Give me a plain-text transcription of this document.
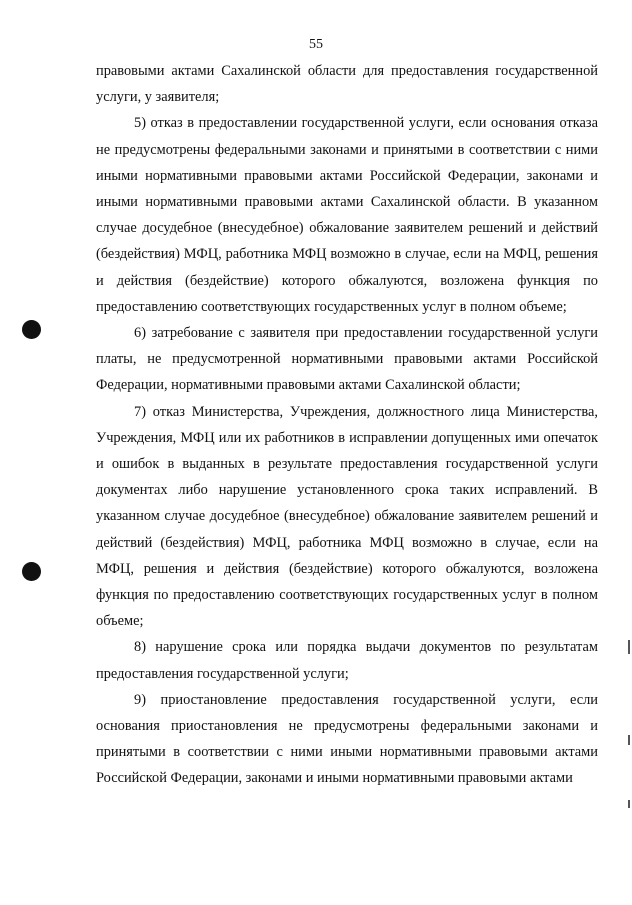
55

правовыми актами Сахалинской области для предоставления государственной услуги, у заявителя;

5) отказ в предоставлении государственной услуги, если основания отказа не предусмотрены федеральными законами и принятыми в соответствии с ними иными нормативными правовыми актами Российской Федерации, законами и иными нормативными правовыми актами Сахалинской области. В указанном случае досудебное (внесудебное) обжалование заявителем решений и действий (бездействия) МФЦ, работника МФЦ возможно в случае, если на МФЦ, решения и действия (бездействие) которого обжалуются, возложена функция по предоставлению соответствующих государственных услуг в полном объеме;

6) затребование с заявителя при предоставлении государственной услуги платы, не предусмотренной нормативными правовыми актами Российской Федерации, нормативными правовыми актами Сахалинской области;

7) отказ Министерства, Учреждения, должностного лица Министерства, Учреждения, МФЦ или их работников в исправлении допущенных ими опечаток и ошибок в выданных в результате предоставления государственной услуги документах либо нарушение установленного срока таких исправлений. В указанном случае досудебное (внесудебное) обжалование заявителем решений и действий (бездействия) МФЦ, работника МФЦ возможно в случае, если на МФЦ, решения и действия (бездействие) которого обжалуются, возложена функция по предоставлению соответствующих государственных услуг в полном объеме;

8) нарушение срока или порядка выдачи документов по результатам предоставления государственной услуги;

9) приостановление предоставления государственной услуги, если основания приостановления не предусмотрены федеральными законами и принятыми в соответствии с ними иными нормативными правовыми актами Российской Федерации, законами и иными нормативными правовыми актами
